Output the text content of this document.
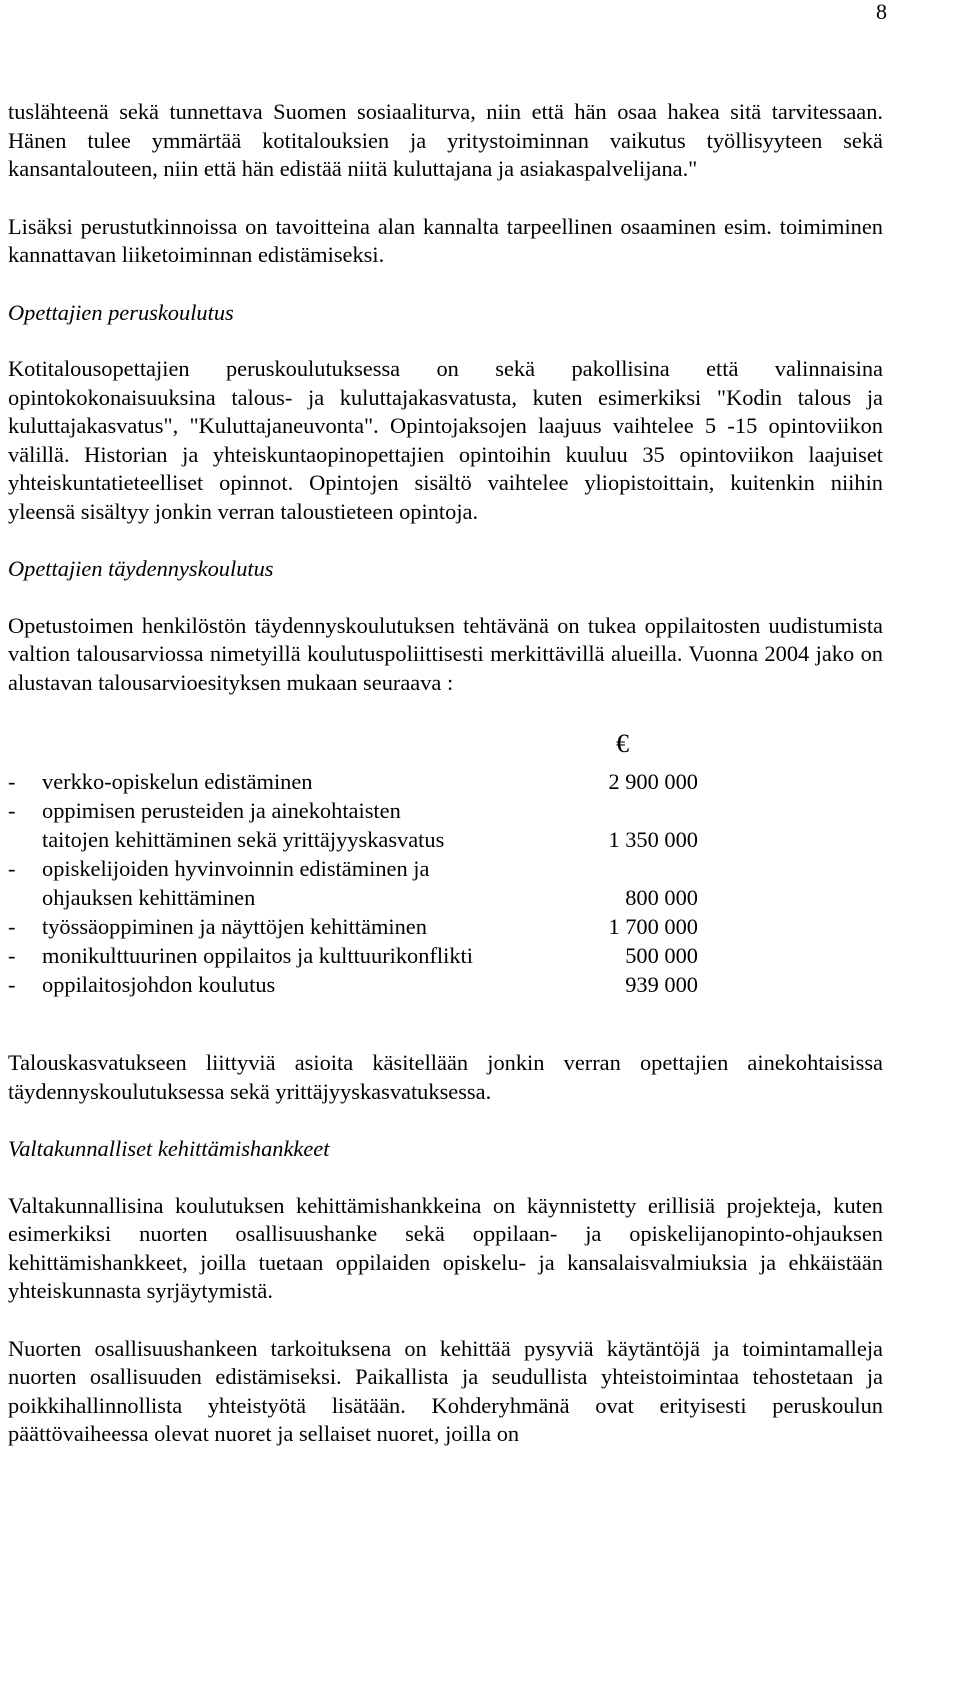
8

tuslähteenä sekä tunnettava Suomen sosiaaliturva, niin että hän osaa hakea sitä tarvitessaan. Hänen tulee ymmärtää kotitalouksien ja yritystoiminnan vaikutus työllisyyteen sekä kansantalouteen, niin että hän edistää niitä kuluttajana ja asiakaspalvelijana."

Lisäksi perustutkinnoissa on tavoitteina alan kannalta tarpeellinen osaaminen esim. toimiminen kannattavan liiketoiminnan edistämiseksi.

Opettajien peruskoulutus

Kotitalousopettajien peruskoulutuksessa on sekä pakollisina että valinnaisina opintokokonaisuuksina talous- ja kuluttajakasvatusta, kuten esimerkiksi "Kodin talous ja kuluttajakasvatus", "Kuluttajaneuvonta". Opintojaksojen laajuus vaihtelee 5 -15 opintoviikon välillä. Historian ja yhteiskuntaopinopettajien opintoihin kuuluu 35 opintoviikon laajuiset yhteiskuntatieteelliset opinnot. Opintojen sisältö vaihtelee yliopistoittain, kuitenkin niihin yleensä sisältyy jonkin verran taloustieteen opintoja.

Opettajien täydennyskoulutus

Opetustoimen henkilöstön täydennyskoulutuksen tehtävänä on tukea oppilaitosten uudistumista valtion talousarviossa nimetyillä koulutuspoliittisesti merkittävillä alueilla. Vuonna 2004 jako on alustavan talousarvioesityksen mukaan seuraava :

€
- verkko-opiskelun edistäminen	2 900 000
- oppimisen perusteiden ja ainekohtaisten
taitojen kehittäminen sekä yrittäjyyskasvatus	1 350 000
- opiskelijoiden hyvinvoinnin edistäminen ja
ohjauksen kehittäminen	800 000
- työssäoppiminen ja näyttöjen kehittäminen	1 700 000
- monikulttuurinen oppilaitos ja kulttuurikonflikti	500 000
- oppilaitosjohdon koulutus	939 000

Talouskasvatukseen liittyviä asioita käsitellään jonkin verran opettajien ainekohtaisissa täydennyskoulutuksessa sekä yrittäjyyskasvatuksessa.

Valtakunnalliset kehittämishankkeet

Valtakunnallisina koulutuksen kehittämishankkeina on käynnistetty erillisiä projekteja, kuten esimerkiksi nuorten osallisuushanke sekä oppilaan- ja opiskelijanopinto-ohjauksen kehittämishankkeet, joilla tuetaan oppilaiden opiskelu- ja kansalaisvalmiuksia ja ehkäistään yhteiskunnasta syrjäytymistä.

Nuorten osallisuushankeen tarkoituksena on kehittää pysyviä käytäntöjä ja toimintamalleja nuorten osallisuuden edistämiseksi. Paikallista ja seudullista yhteistoimintaa tehostetaan ja poikkihallinnollista yhteistyötä lisätään. Kohderyhmänä ovat erityisesti peruskoulun päättövaiheessa olevat nuoret ja sellaiset nuoret, joilla on
